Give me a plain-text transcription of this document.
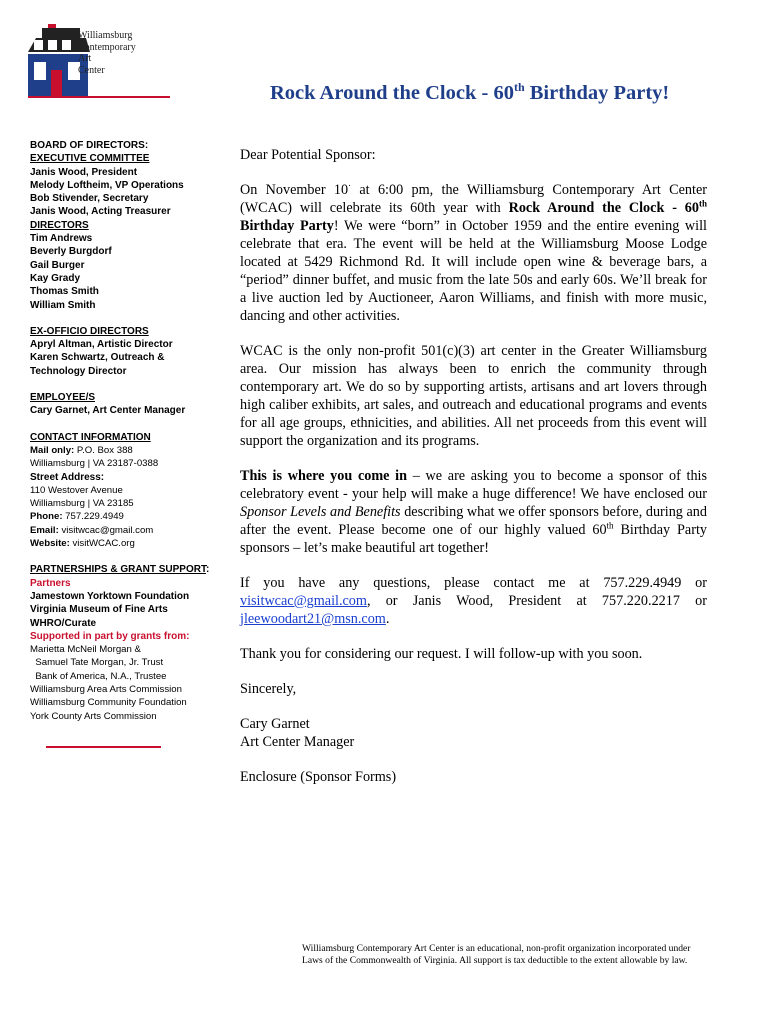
Williamsburg
Contemporary
Art
Center
Rock Around the Clock - 60th Birthday Party!
BOARD OF DIRECTORS:
EXECUTIVE COMMITTEE
Janis Wood, President
Melody Loftheim, VP Operations
Bob Stivender, Secretary
Janis Wood, Acting Treasurer
DIRECTORS
Tim Andrews
Beverly Burgdorf
Gail Burger
Kay Grady
Thomas Smith
William Smith
EX-OFFICIO DIRECTORS
Apryl Altman, Artistic Director
Karen Schwartz, Outreach &
Technology Director
EMPLOYEE/S
Cary Garnet, Art Center Manager
CONTACT INFORMATION
Mail only: P.O. Box 388
Williamsburg | VA 23187-0388
Street Address:
110 Westover Avenue
Williamsburg | VA 23185
Phone: 757.229.4949
Email: visitwcac@gmail.com
Website: visitWCAC.org
PARTNERSHIPS & GRANT SUPPORT:
Partners
Jamestown Yorktown Foundation
Virginia Museum of Fine Arts
WHRO/Curate
Supported in part by grants from:
Marietta McNeil Morgan &
Samuel Tate Morgan, Jr. Trust
Bank of America, N.A., Trustee
Williamsburg Area Arts Commission
Williamsburg Community Foundation
York County Arts Commission

Dear Potential Sponsor:

On November 10· at 6:00 pm, the Williamsburg Contemporary Art Center (WCAC) will celebrate its 60th year with Rock Around the Clock - 60th Birthday Party! We were “born” in October 1959 and the entire evening will celebrate that era. The event will be held at the Williamsburg Moose Lodge located at 5429 Richmond Rd. It will include open wine & beverage bars, a “period” dinner buffet, and music from the late 50s and early 60s. We’ll break for a live auction led by Auctioneer, Aaron Williams, and finish with more music, dancing and other activities.

WCAC is the only non-profit 501(c)(3) art center in the Greater Williamsburg area. Our mission has always been to enrich the community through contemporary art. We do so by supporting artists, artisans and art lovers through high caliber exhibits, art sales, and outreach and educational programs and events for all age groups, ethnicities, and abilities. All net proceeds from this event will support the organization and its programs.

This is where you come in – we are asking you to become a sponsor of this celebratory event - your help will make a huge difference! We have enclosed our Sponsor Levels and Benefits describing what we offer sponsors before, during and after the event. Please become one of our highly valued 60th Birthday Party sponsors – let’s make beautiful art together!

If you have any questions, please contact me at 757.229.4949 or visitwcac@gmail.com, or Janis Wood, President at 757.220.2217 or jleewoodart21@msn.com.

Thank you for considering our request. I will follow-up with you soon.

Sincerely,

Cary Garnet

Art Center Manager

Enclosure (Sponsor Forms)

Williamsburg Contemporary Art Center is an educational, non-profit organization incorporated under
Laws of the Commonwealth of Virginia. All support is tax deductible to the extent allowable by law.
